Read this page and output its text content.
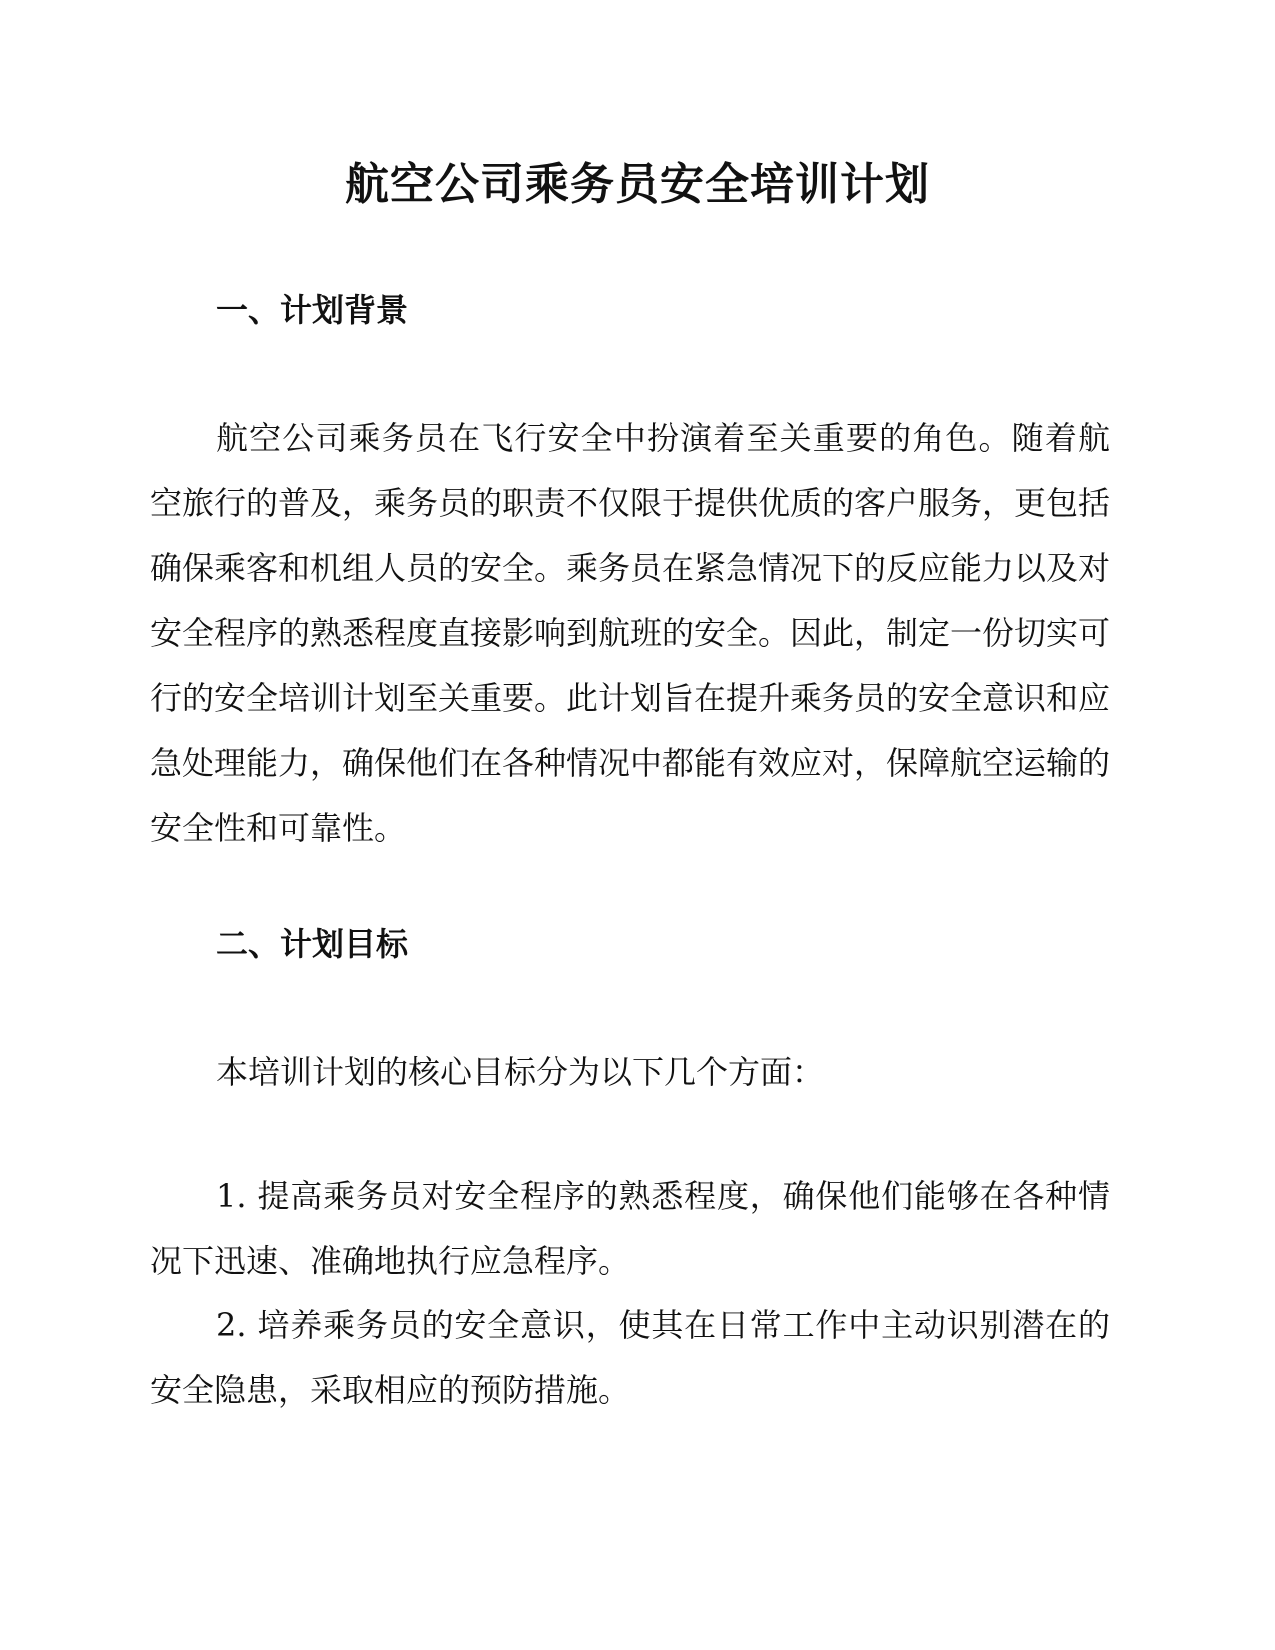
航空公司乘务员安全培训计划
一、计划背景

航空公司乘务员在飞行安全中扮演着至关重要的角色。随着航空旅行的普及，乘务员的职责不仅限于提供优质的客户服务，更包括确保乘客和机组人员的安全。乘务员在紧急情况下的反应能力以及对安全程序的熟悉程度直接影响到航班的安全。因此，制定一份切实可行的安全培训计划至关重要。此计划旨在提升乘务员的安全意识和应急处理能力，确保他们在各种情况中都能有效应对，保障航空运输的安全性和可靠性。

二、计划目标

本培训计划的核心目标分为以下几个方面：

1. 提高乘务员对安全程序的熟悉程度，确保他们能够在各种情况下迅速、准确地执行应急程序。

2. 培养乘务员的安全意识，使其在日常工作中主动识别潜在的安全隐患，采取相应的预防措施。
